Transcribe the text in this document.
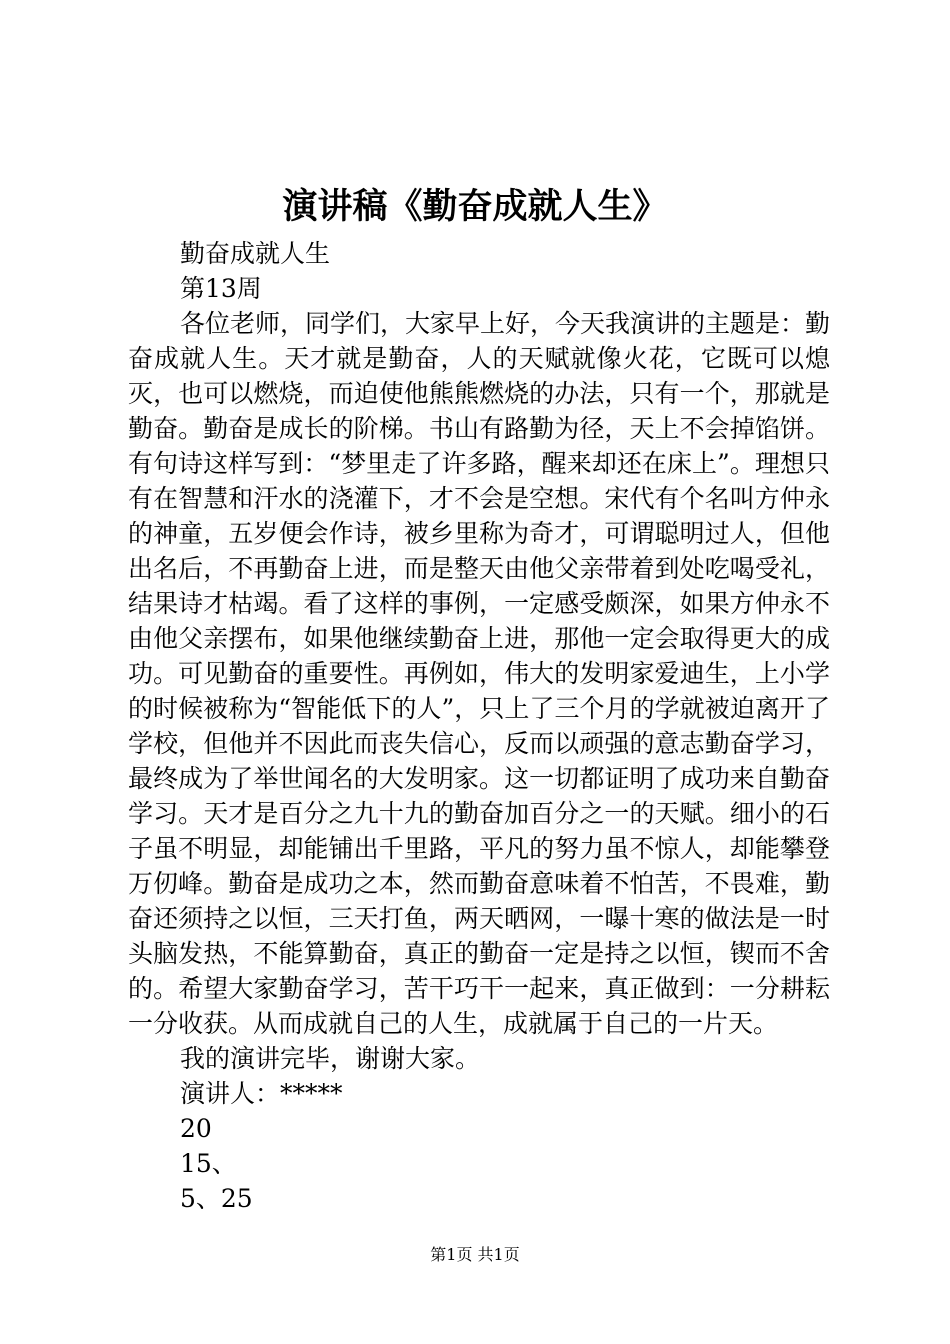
演讲稿《勤奋成就人生》
勤奋成就人生
第13周
各位老师，同学们，大家早上好，今天我演讲的主题是：勤奋成就人生。天才就是勤奋，人的天赋就像火花，它既可以熄灭，也可以燃烧，而迫使他熊熊燃烧的办法，只有一个，那就是勤奋。勤奋是成长的阶梯。书山有路勤为径，天上不会掉馅饼。有句诗这样写到：“梦里走了许多路，醒来却还在床上”。理想只有在智慧和汗水的浇灌下，才不会是空想。宋代有个名叫方仲永的神童，五岁便会作诗，被乡里称为奇才，可谓聪明过人，但他出名后，不再勤奋上进，而是整天由他父亲带着到处吃喝受礼，结果诗才枯竭。看了这样的事例，一定感受颇深，如果方仲永不由他父亲摆布，如果他继续勤奋上进，那他一定会取得更大的成功。可见勤奋的重要性。再例如，伟大的发明家爱迪生，上小学的时候被称为“智能低下的人”，只上了三个月的学就被迫离开了学校，但他并不因此而丧失信心，反而以顽强的意志勤奋学习，最终成为了举世闻名的大发明家。这一切都证明了成功来自勤奋学习。天才是百分之九十九的勤奋加百分之一的天赋。细小的石子虽不明显，却能铺出千里路，平凡的努力虽不惊人，却能攀登万仞峰。勤奋是成功之本，然而勤奋意味着不怕苦，不畏难，勤奋还须持之以恒，三天打鱼，两天晒网，一曝十寒的做法是一时头脑发热，不能算勤奋，真正的勤奋一定是持之以恒，锲而不舍的。希望大家勤奋学习，苦干巧干一起来，真正做到：一分耕耘一分收获。从而成就自己的人生，成就属于自己的一片天。
我的演讲完毕，谢谢大家。
演讲人：*****
20
15、
5、25
第1页 共1页
